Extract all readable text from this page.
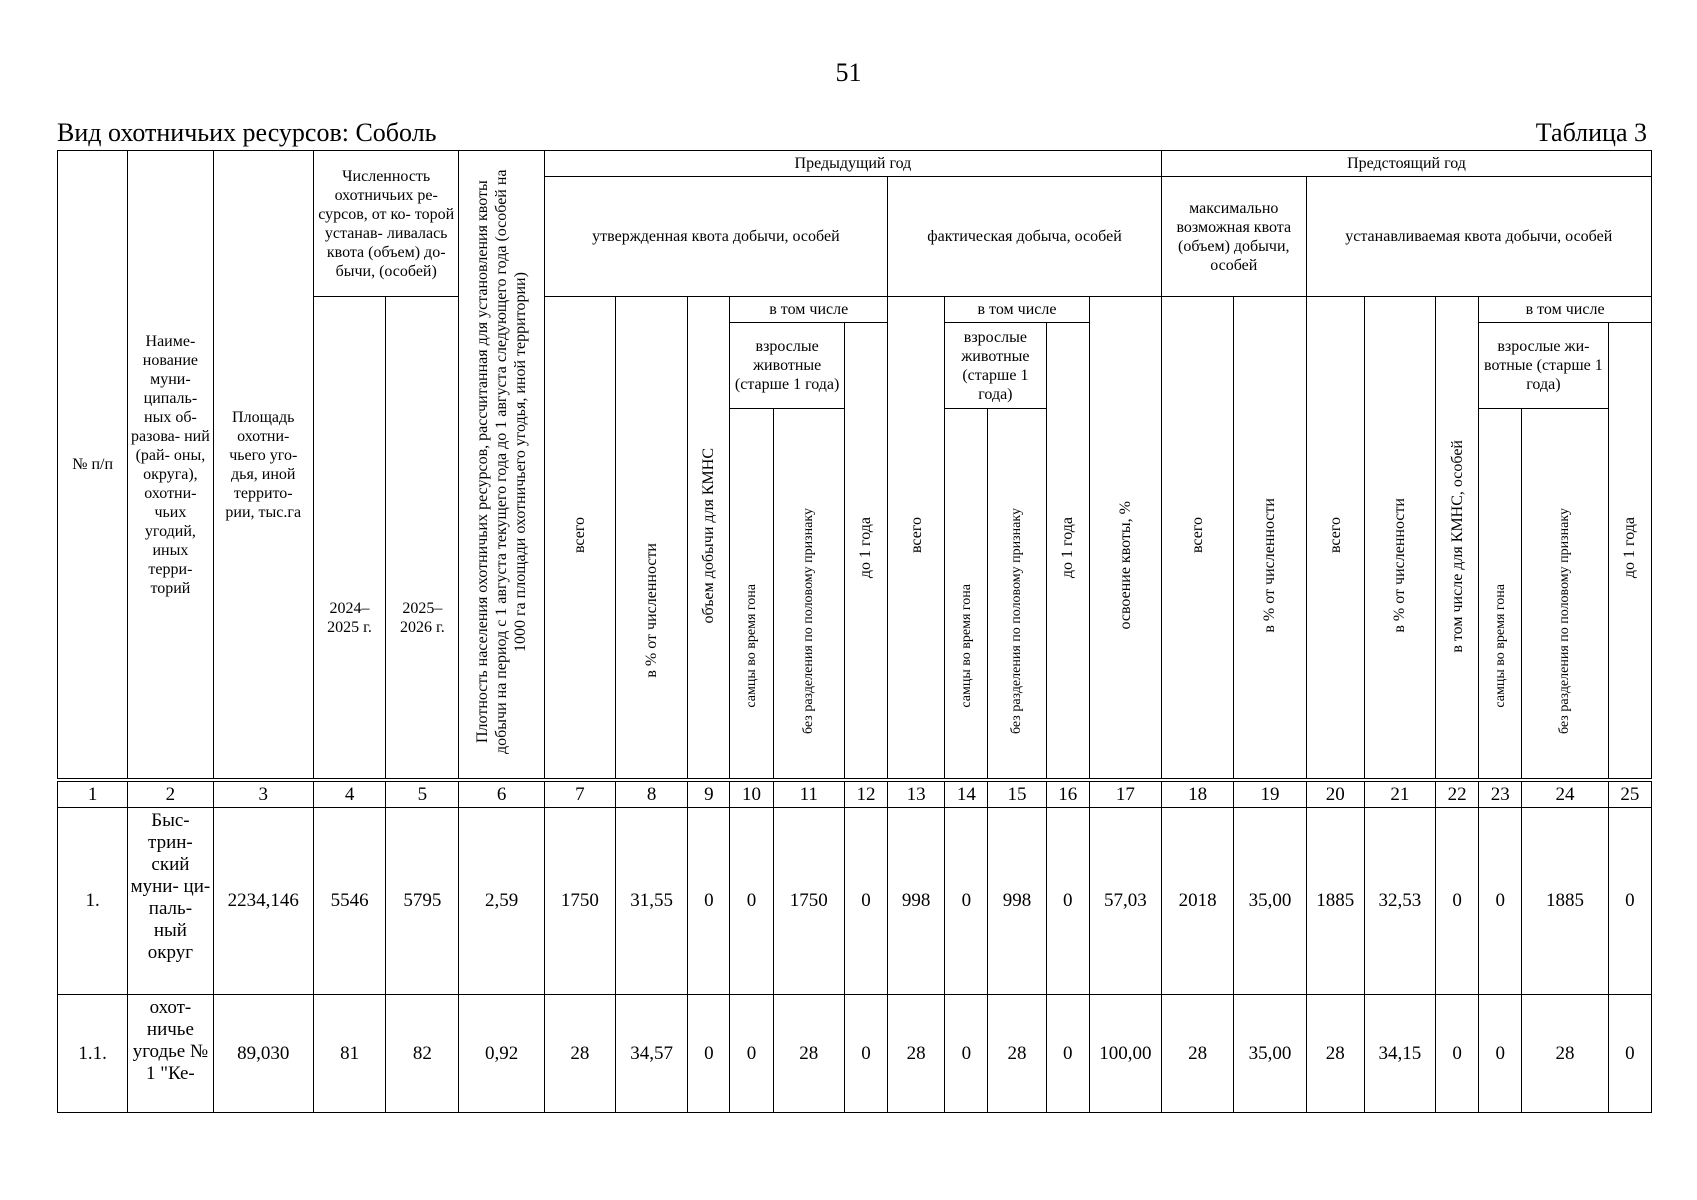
51
Вид охотничьих ресурсов: Соболь	Таблица 3
№ п/п	Наиме- нование муни- ципаль- ных об- разова- ний (рай- оны, округа), охотни- чьих угодий, иных терри- торий	Площадь охотни- чьего уго- дья, иной террито- рии, тыс.га	Численность охотничьих ре- сурсов, от ко- торой устанав- ливалась квота (объем) до- бычи, (особей)		Плотность населения охотничьих ресурсов, рассчитанная для установления квоты добычи на период с 1 августа текущего года до 1 августа следующего года (особей на 1000 га площади охотничьего угодья, иной территории)	Предыдущий год											Предстоящий год							
						утвержденная квота добычи, особей						фактическая добыча, особей					максимально возможная квота (объем) добычи, особей		устанавливаемая квота добычи, особей					
			2024– 2025 г.	2025– 2026 г.		всего	в % от численности	объем добычи для КМНС	в том числе			всего	в том числе			освоение квоты, %	всего	в % от численности	всего	в % от численности	в том числе для КМНС, особей	в том числе		
									взрослые животные (старше 1 года)		до 1 года		взрослые животные (старше 1 года)		до 1 года							взрослые жи- вотные (старше 1 года)		до 1 года
									самцы во время гона	без разделения по половому признаку			самцы во время гона	без разделения по половому признаку								самцы во время гона	без разделения по половому признаку	
1	2	3	4	5	6	7	8	9	10	11	12	13	14	15	16	17	18	19	20	21	22	23	24	25
1.	Быс- трин- ский муни- ци- паль- ный округ	2234,146	5546	5795	2,59	1750	31,55	0	0	1750	0	998	0	998	0	57,03	2018	35,00	1885	32,53	0	0	1885	0
1.1.	охот- ничье угодье № 1 "Ке-	89,030	81	82	0,92	28	34,57	0	0	28	0	28	0	28	0	100,00	28	35,00	28	34,15	0	0	28	0
